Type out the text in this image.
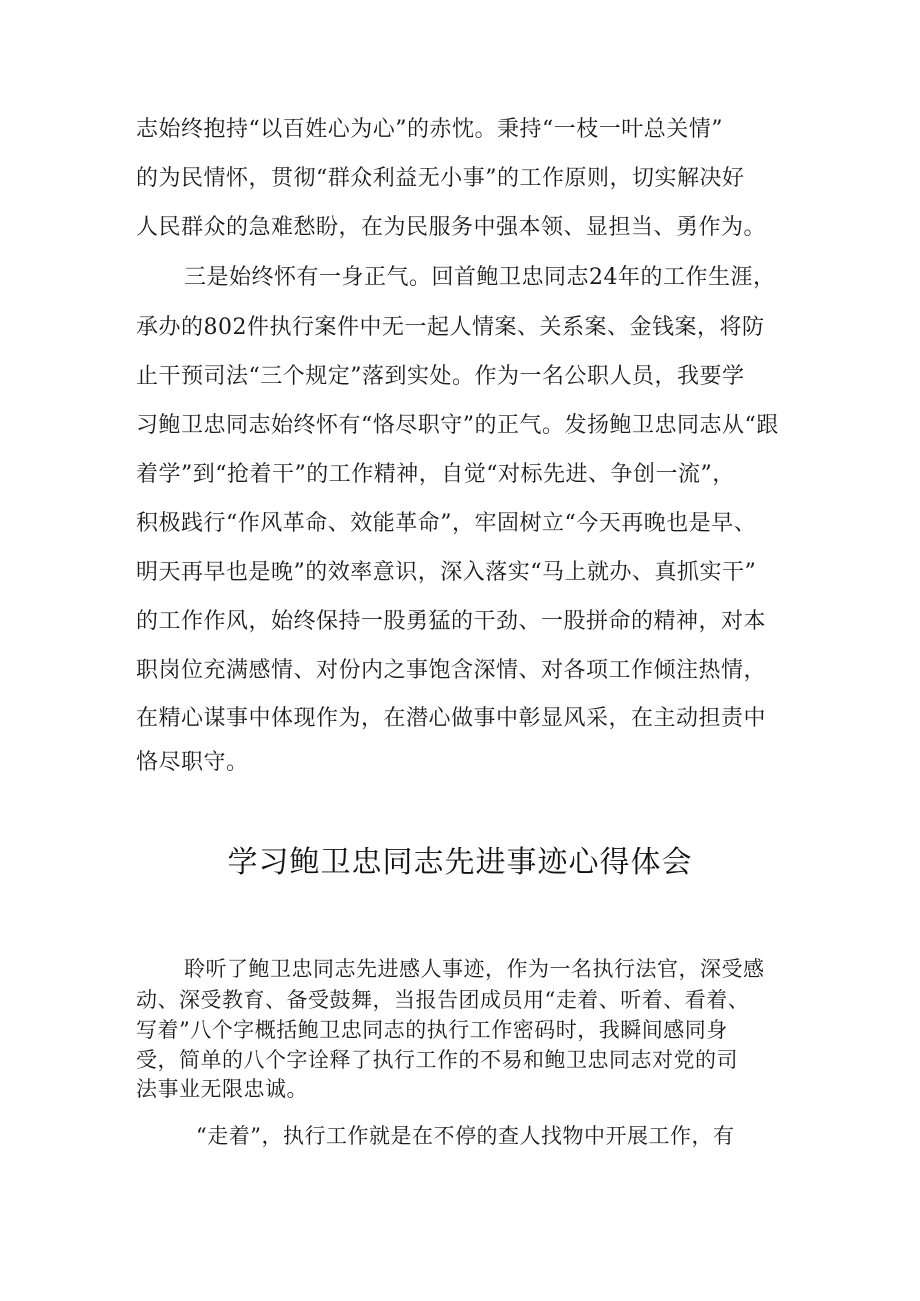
志始终抱持“以百姓心为心”的赤忱。秉持“一枝一叶总关情”
的为民情怀，贯彻“群众利益无小事”的工作原则，切实解决好
人民群众的急难愁盼，在为民服务中强本领、显担当、勇作为。
三是始终怀有一身正气。回首鲍卫忠同志24年的工作生涯，
承办的802件执行案件中无一起人情案、关系案、金钱案，将防
止干预司法“三个规定”落到实处。作为一名公职人员，我要学
习鲍卫忠同志始终怀有“恪尽职守”的正气。发扬鲍卫忠同志从“跟
着学”到“抢着干”的工作精神，自觉“对标先进、争创一流”，
积极践行“作风革命、效能革命”，牢固树立“今天再晚也是早、
明天再早也是晚”的效率意识，深入落实“马上就办、真抓实干”
的工作作风，始终保持一股勇猛的干劲、一股拼命的精神，对本
职岗位充满感情、对份内之事饱含深情、对各项工作倾注热情，
在精心谋事中体现作为，在潜心做事中彰显风采，在主动担责中
恪尽职守。
学习鲍卫忠同志先进事迹心得体会
聆听了鲍卫忠同志先进感人事迹，作为一名执行法官，深受感
动、深受教育、备受鼓舞，当报告团成员用“走着、听着、看着、
写着”八个字概括鲍卫忠同志的执行工作密码时，我瞬间感同身
受，简单的八个字诠释了执行工作的不易和鲍卫忠同志对党的司
法事业无限忠诚。
“走着”，执行工作就是在不停的查人找物中开展工作，有
